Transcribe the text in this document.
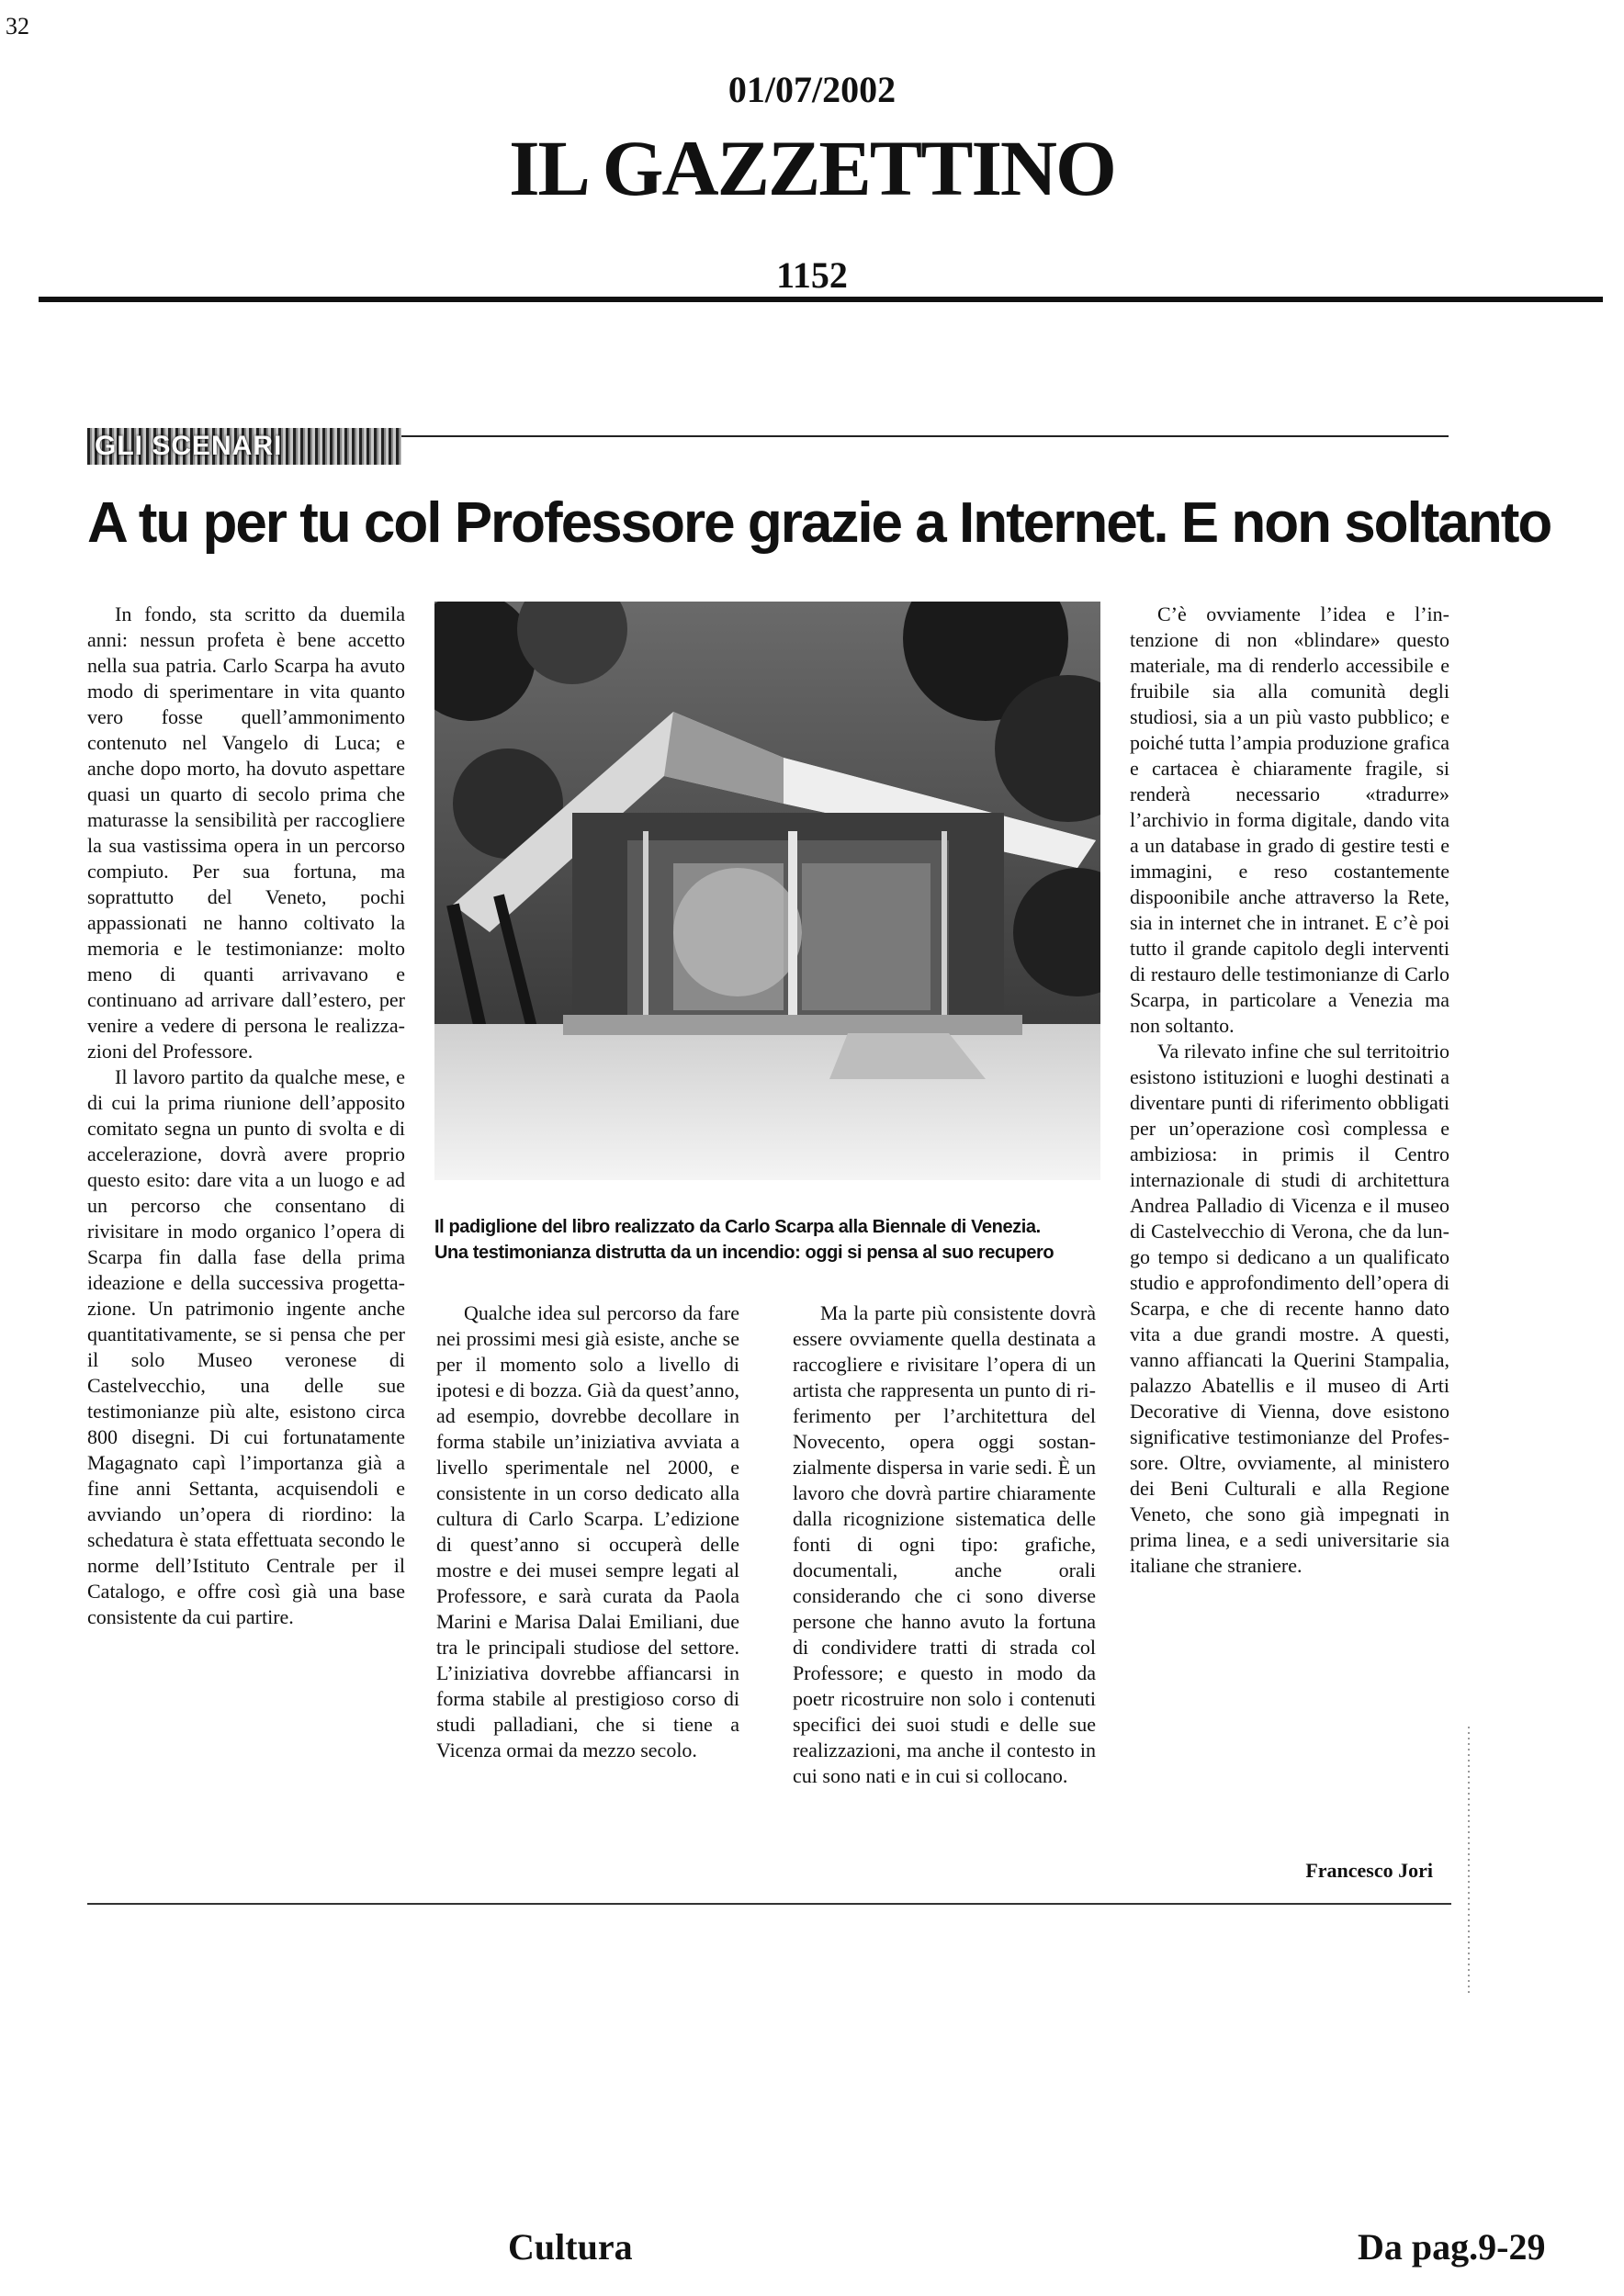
32
01/07/2002
IL GAZZETTINO
1152
GLI SCENARI
A tu per tu col Professore grazie a Internet. E non soltanto

In fondo, sta scritto da duemila anni: nessun profeta è bene accetto nella sua patria. Carlo Scarpa ha avuto modo di sperimentare in vita quanto vero fosse quell’ammonimento contenuto nel Vangelo di Luca; e anche dopo morto, ha dovuto aspettare quasi un quarto di secolo prima che maturasse la sensibilità per raccogliere la sua vastissima opera in un percorso compiuto. Per sua fortuna, ma soprattutto del Veneto, pochi appassionati ne hanno coltivato la memoria e le testimonianze: molto meno di quanti arrivavano e continuano ad arrivare dall’estero, per venire a vedere di persona le realizzazioni del Professore.

Il lavoro partito da qualche mese, e di cui la prima riunione dell’apposito comitato segna un punto di svolta e di accelerazione, dovrà avere proprio questo esito: dare vita a un luogo e ad un percorso che consentano di rivisitare in modo organico l’opera di Scarpa fin dalla fase della prima ideazione e della successiva progettazione. Un patrimonio ingente anche quantitativamente, se si pensa che per il solo Museo veronese di Castelvecchio, una delle sue testimonianze più alte, esistono circa 800 disegni. Di cui fortunatamente Magagnato capì l’importanza già a fine anni Settanta, acquisendoli e avviando un’opera di riordino: la schedatura è stata effettuata secondo le norme dell’Istituto Centrale per il Catalogo, e offre così già una base consistente da cui partire.

Il padiglione del libro realizzato da Carlo Scarpa alla Biennale di Venezia.
Una testimonianza distrutta da un incendio: oggi si pensa al suo recupero

Qualche idea sul percorso da fare nei prossimi mesi già esiste, anche se per il momento solo a livello di ipotesi e di bozza. Già da quest’anno, ad esempio, dovrebbe decollare in forma stabile un’iniziativa avviata a livello sperimentale nel 2000, e consistente in un corso dedicato alla cultura di Carlo Scarpa. L’edizione di quest’anno si occuperà delle mostre e dei musei sempre legati al Professore, e sarà curata da Paola Marini e Marisa Dalai Emiliani, due tra le principali studiose del settore. L’iniziativa dovrebbe affiancarsi in forma stabile al prestigioso corso di studi palladiani, che si tiene a Vicenza ormai da mezzo secolo.

Ma la parte più consistente dovrà essere ovviamente quella destinata a raccogliere e rivisitare l’opera di un artista che rappresenta un punto di riferimento per l’architettura del Novecento, opera oggi sostanzialmente dispersa in varie sedi. È un lavoro che dovrà partire chiaramente dalla ricognizione sistematica delle fonti di ogni tipo: grafiche, documentali, anche orali considerando che ci sono diverse persone che hanno avuto la fortuna di condividere tratti di strada col Professore; e questo in modo da poetr ricostruire non solo i contenuti specifici dei suoi studi e delle sue realizzazioni, ma anche il contesto in cui sono nati e in cui si collocano.

C’è ovviamente l’idea e l’intenzione di non «blindare» questo materiale, ma di renderlo accessibile e fruibile sia alla comunità degli studiosi, sia a un più vasto pubblico; e poiché tutta l’ampia produzione grafica e cartacea è chiaramente fragile, si renderà necessario «tradurre» l’archivio in forma digitale, dando vita a un database in grado di gestire testi e immagini, e reso costantemente dispoonibile anche attraverso la Rete, sia in internet che in intranet. E c’è poi tutto il grande capitolo degli interventi di restauro delle testimonianze di Carlo Scarpa, in particolare a Venezia ma non soltanto.

Va rilevato infine che sul territoitrio esistono istituzioni e luoghi destinati a diventare punti di riferimento obbligati per un’operazione così complessa e ambiziosa: in primis il Centro internazionale di studi di architettura Andrea Palladio di Vicenza e il museo di Castelvecchio di Verona, che da lungo tempo si dedicano a un qualificato studio e approfondimento dell’opera di Scarpa, e che di recente hanno dato vita a due grandi mostre. A questi, vanno affiancati la Querini Stampalia, palazzo Abatellis e il museo di Arti Decorative di Vienna, dove esistono significative testimonianze del Professore. Oltre, ovviamente, al ministero dei Beni Culturali e alla Regione Veneto, che sono già impegnati in prima linea, e a sedi universitarie sia italiane che straniere.

Francesco Jori
Cultura	Da pag.9-29
